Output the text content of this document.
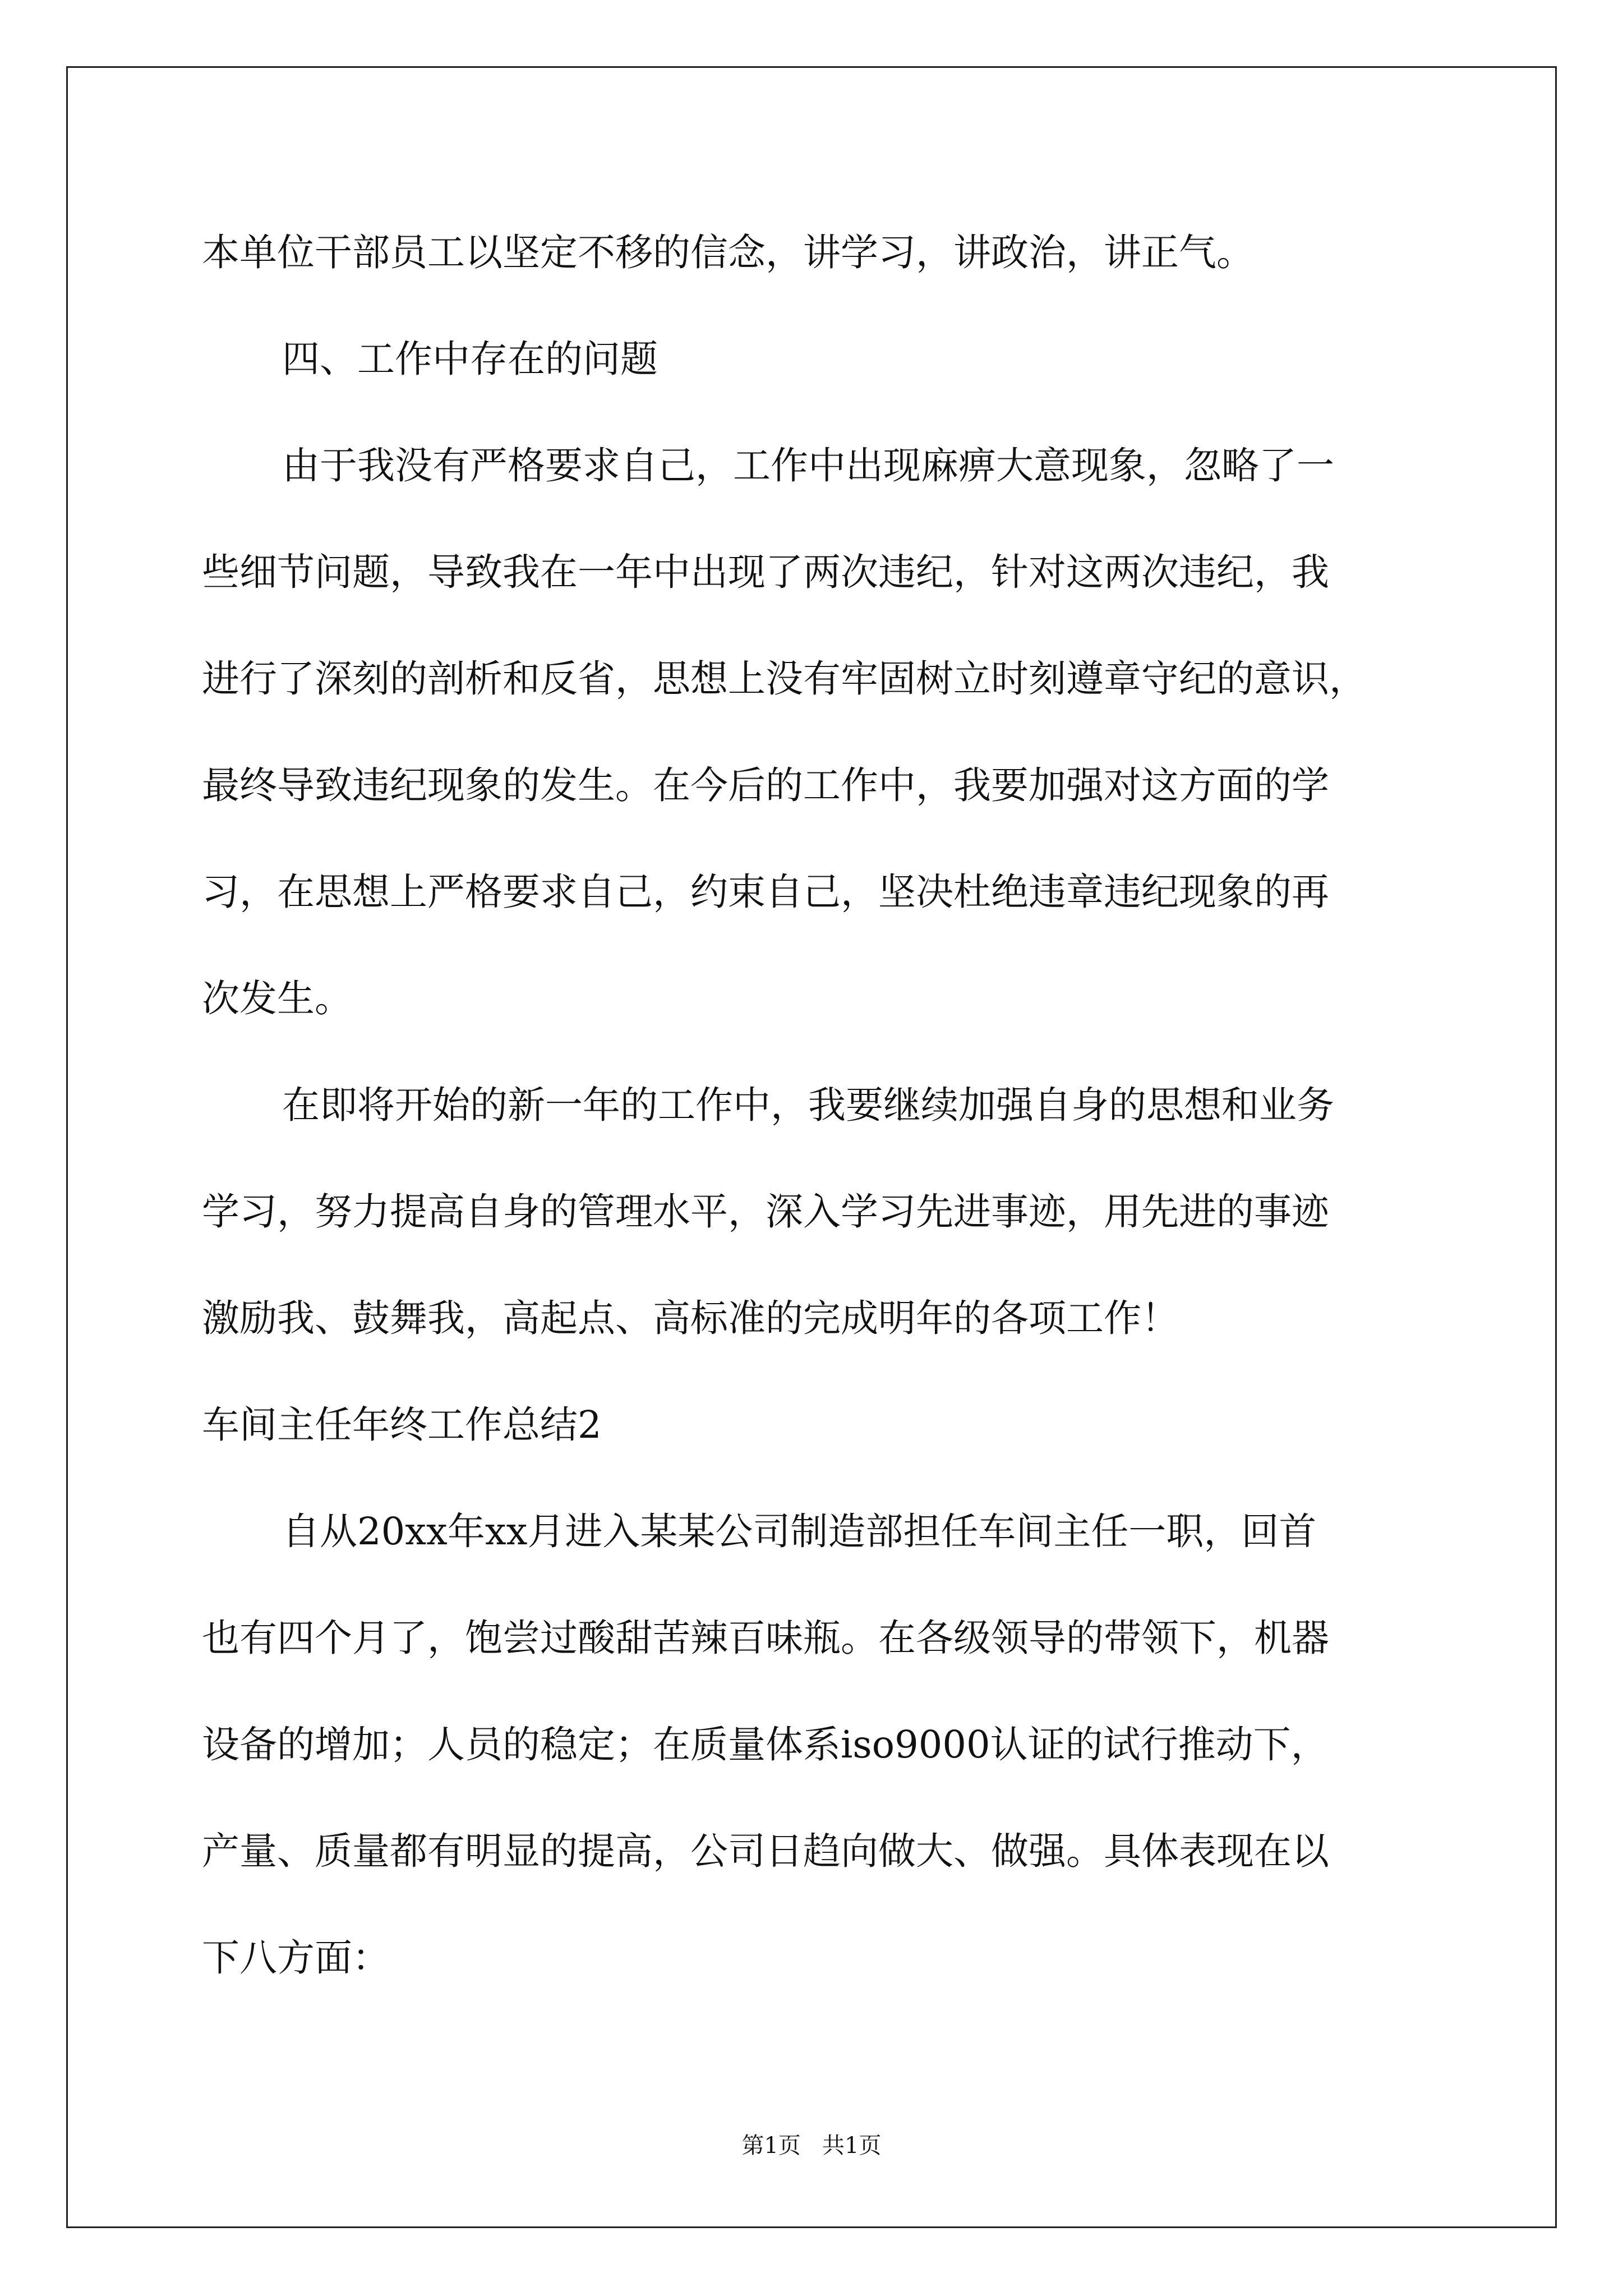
本单位干部员工以坚定不移的信念，讲学习，讲政治，讲正气。
四、工作中存在的问题
由于我没有严格要求自己，工作中出现麻痹大意现象，忽略了一
些细节问题，导致我在一年中出现了两次违纪，针对这两次违纪，我
进行了深刻的剖析和反省，思想上没有牢固树立时刻遵章守纪的意识，
最终导致违纪现象的发生。在今后的工作中，我要加强对这方面的学
习，在思想上严格要求自己，约束自己，坚决杜绝违章违纪现象的再
次发生。
在即将开始的新一年的工作中，我要继续加强自身的思想和业务
学习，努力提高自身的管理水平，深入学习先进事迹，用先进的事迹
激励我、鼓舞我，高起点、高标准的完成明年的各项工作！
车间主任年终工作总结2
自从20xx年xx月进入某某公司制造部担任车间主任一职，回首
也有四个月了，饱尝过酸甜苦辣百味瓶。在各级领导的带领下，机器
设备的增加；人员的稳定；在质量体系iso9000认证的试行推动下，
产量、质量都有明显的提高，公司日趋向做大、做强。具体表现在以
下八方面：
第1页   共1页
